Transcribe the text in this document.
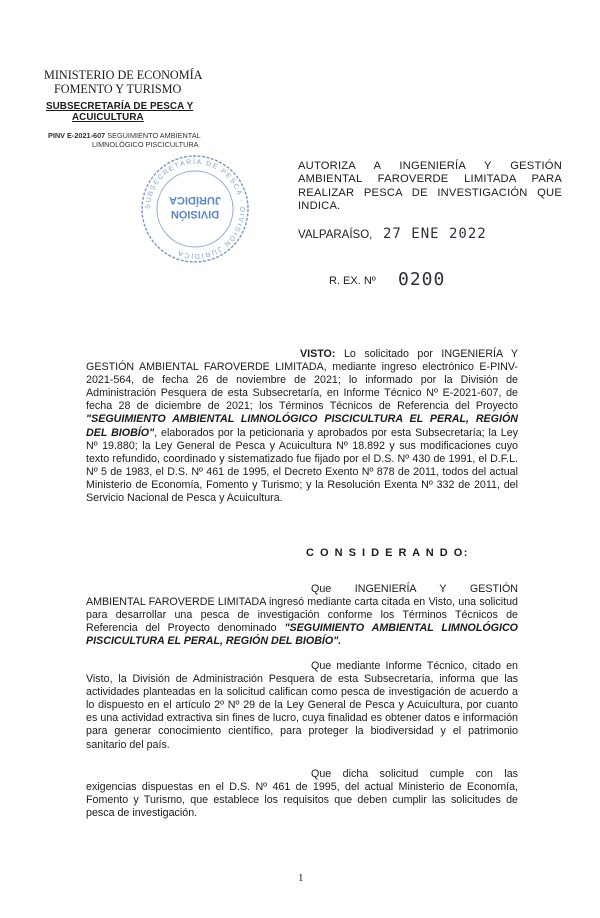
MINISTERIO DE ECONOMÍA
FOMENTO Y TURISMO
SUBSECRETARÍA DE PESCA Y
ACUICULTURA
PINV E-2021-607 SEGUIMIENTO AMBIENTAL
LIMNOLÓGICO PISCICULTURA
SUBSECRETARÍA DE PESCA · DIVISIÓN JURÍDICA
DIVISIÓN
JURÍDICA
AUTORIZA A INGENIERÍA Y GESTIÓN AMBIENTAL FAROVERDE LIMITADA PARA REALIZAR PESCA DE INVESTIGACIÓN QUE INDICA.
VALPARAÍSO, 27 ENE 2022
R. EX. Nº 0200
VISTO: Lo solicitado por INGENIERÍA Y GESTIÓN AMBIENTAL FAROVERDE LIMITADA, mediante ingreso electrónico E-PINV-2021-564, de fecha 26 de noviembre de 2021; lo informado por la División de Administración Pesquera de esta Subsecretaría, en Informe Técnico Nº E-2021-607, de fecha 28 de diciembre de 2021; los Términos Técnicos de Referencia del Proyecto "SEGUIMIENTO AMBIENTAL LIMNOLÓGICO PISCICULTURA EL PERAL, REGIÓN DEL BIOBÍO", elaborados por la peticionaria y aprobados por esta Subsecretaría; la Ley Nº 19.880; la Ley General de Pesca y Acuicultura Nº 18.892 y sus modificaciones cuyo texto refundido, coordinado y sistematizado fue fijado por el D.S. Nº 430 de 1991, el D.F.L. Nº 5 de 1983, el D.S. Nº 461 de 1995, el Decreto Exento Nº 878 de 2011, todos del actual Ministerio de Economía, Fomento y Turismo; y la Resolución Exenta Nº 332 de 2011, del Servicio Nacional de Pesca y Acuicultura.
C O N S I D E R A N D O:
Que INGENIERÍA Y GESTIÓN AMBIENTAL FAROVERDE LIMITADA ingresó mediante carta citada en Visto, una solicitud para desarrollar una pesca de investigación conforme los Términos Técnicos de Referencia del Proyecto denominado "SEGUIMIENTO AMBIENTAL LIMNOLÓGICO PISCICULTURA EL PERAL, REGIÓN DEL BIOBÍO".
Que mediante Informe Técnico, citado en Visto, la División de Administración Pesquera de esta Subsecretaría, informa que las actividades planteadas en la solicitud califican como pesca de investigación de acuerdo a lo dispuesto en el artículo 2º Nº 29 de la Ley General de Pesca y Acuicultura, por cuanto es una actividad extractiva sin fines de lucro, cuya finalidad es obtener datos e información para generar conocimiento científico, para proteger la biodiversidad y el patrimonio sanitario del país.
Que dicha solicitud cumple con las exigencias dispuestas en el D.S. Nº 461 de 1995, del actual Ministerio de Economía, Fomento y Turismo, que establece los requisitos que deben cumplir las solicitudes de pesca de investigación.
1
